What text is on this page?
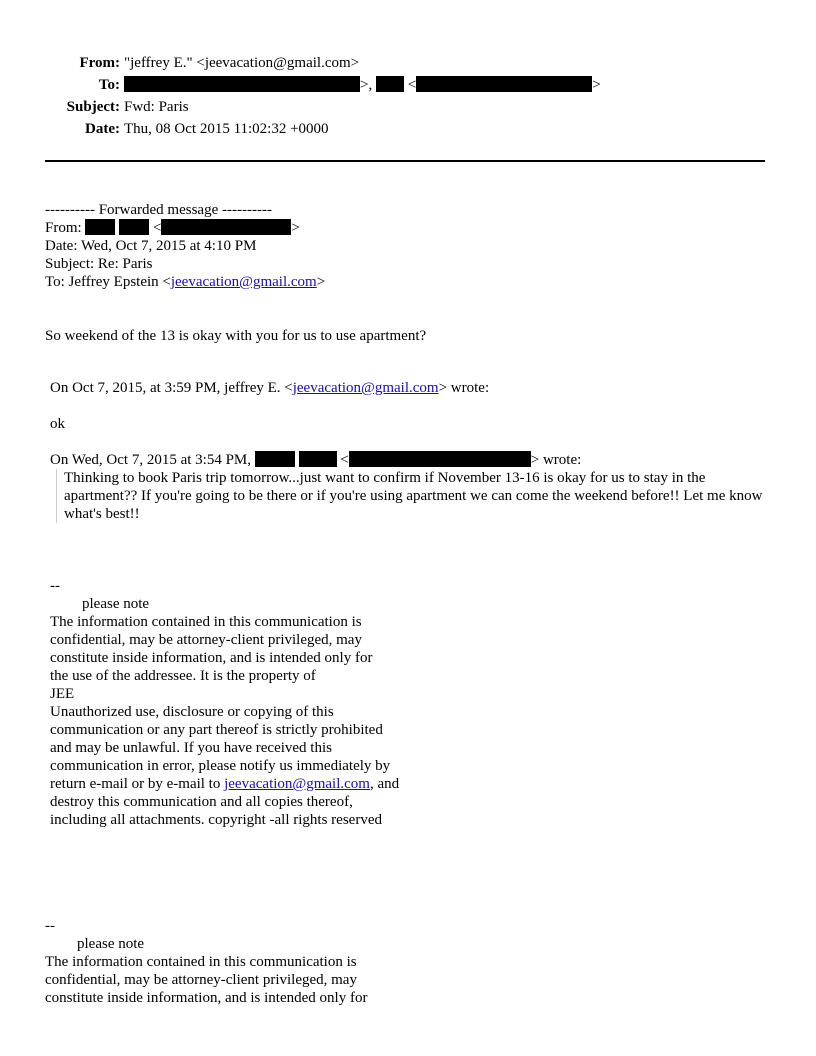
From: "jeffrey E." <jeevacation@gmail.com>
To:	>, <	>
Subject: Fwd: Paris
Date: Thu, 08 Oct 2015 11:02:32 +0000
---------- Forwarded message ----------
From:	<	>
Date: Wed, Oct 7, 2015 at 4:10 PM
Subject: Re: Paris
To: Jeffrey Epstein <jeevacation@gmail.com>
So weekend of the 13 is okay with you for us to use apartment?
On Oct 7, 2015, at 3:59 PM, jeffrey E. <jeevacation@gmail.com> wrote:
ok
On Wed, Oct 7, 2015 at 3:54 PM,	<	> wrote:
Thinking to book Paris trip tomorrow...just want to confirm if November 13-16 is okay for us to stay in the apartment?? If you're going to be there or if you're using apartment we can come the weekend before!! Let me know what's best!!
--
please note
The information contained in this communication is
confidential, may be attorney-client privileged, may
constitute inside information, and is intended only for
the use of the addressee. It is the property of
JEE
Unauthorized use, disclosure or copying of this
communication or any part thereof is strictly prohibited
and may be unlawful. If you have received this
communication in error, please notify us immediately by
return e-mail or by e-mail to jeevacation@gmail.com, and
destroy this communication and all copies thereof,
including all attachments. copyright -all rights reserved
--
please note
The information contained in this communication is
confidential, may be attorney-client privileged, may
constitute inside information, and is intended only for
